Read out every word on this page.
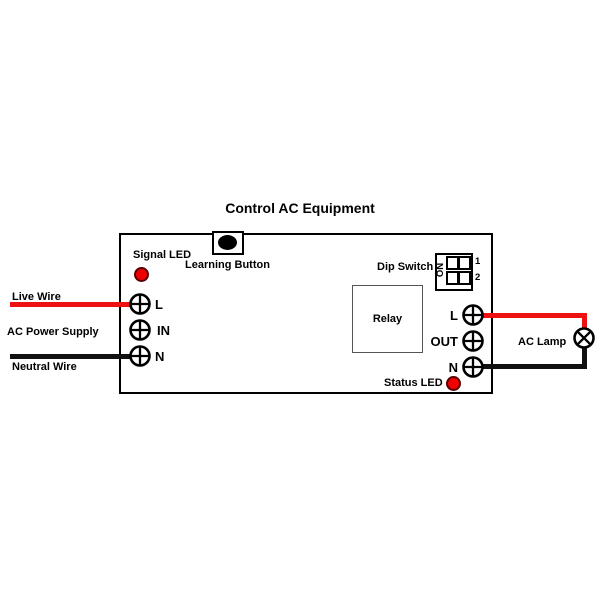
Control AC Equipment
Learning Button
Signal LED
Dip Switch ON
1
2
Relay
L
IN
N
L
OUT
N
Status LED
Live Wire
AC Power Supply
Neutral Wire
AC Lamp
